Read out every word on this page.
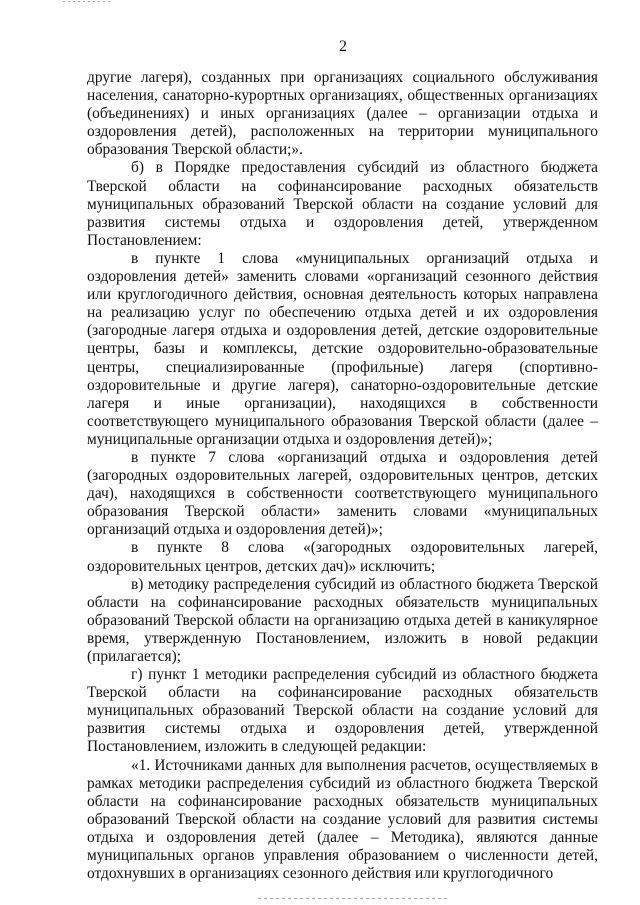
2

другие лагеря), созданных при организациях социального обслуживания населения, санаторно-курортных организациях, общественных организациях (объединениях) и иных организациях (далее – организации отдыха и оздоровления детей), расположенных на территории муниципального образования Тверской области;».

б) в Порядке предоставления субсидий из областного бюджета Тверской области на софинансирование расходных обязательств муниципальных образований Тверской области на создание условий для развития системы отдыха и оздоровления детей, утвержденном Постановлением:

в пункте 1 слова «муниципальных организаций отдыха и оздоровления детей» заменить словами «организаций сезонного действия или круглогодичного действия, основная деятельность которых направлена на реализацию услуг по обеспечению отдыха детей и их оздоровления (загородные лагеря отдыха и оздоровления детей, детские оздоровительные центры, базы и комплексы, детские оздоровительно-образовательные центры, специализированные (профильные) лагеря (спортивно-оздоровительные и другие лагеря), санаторно-оздоровительные детские лагеря и иные организации), находящихся в собственности соответствующего муниципального образования Тверской области (далее – муниципальные организации отдыха и оздоровления детей)»;

в пункте 7 слова «организаций отдыха и оздоровления детей (загородных оздоровительных лагерей, оздоровительных центров, детских дач), находящихся в собственности соответствующего муниципального образования Тверской области» заменить словами «муниципальных организаций отдыха и оздоровления детей)»;

в пункте 8 слова «(загородных оздоровительных лагерей, оздоровительных центров, детских дач)» исключить;

в) методику распределения субсидий из областного бюджета Тверской области на софинансирование расходных обязательств муниципальных образований Тверской области на организацию отдыха детей в каникулярное время, утвержденную Постановлением, изложить в новой редакции (прилагается);

г) пункт 1 методики распределения субсидий из областного бюджета Тверской области на софинансирование расходных обязательств муниципальных образований Тверской области на создание условий для развития системы отдыха и оздоровления детей, утвержденной Постановлением, изложить в следующей редакции:

«1. Источниками данных для выполнения расчетов, осуществляемых в рамках методики распределения субсидий из областного бюджета Тверской области на софинансирование расходных обязательств муниципальных образований Тверской области на создание условий для развития системы отдыха и оздоровления детей (далее – Методика), являются данные муниципальных органов управления образованием о численности детей, отдохнувших в организациях сезонного действия или круглогодичного
